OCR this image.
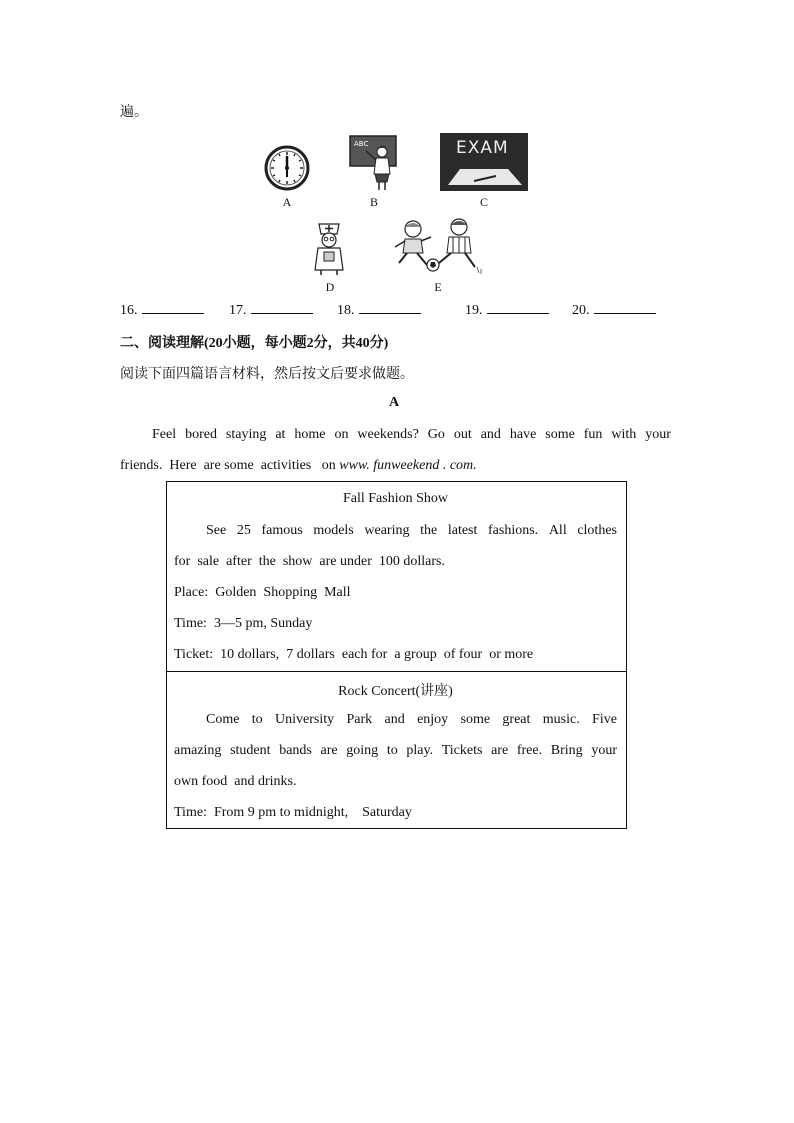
遍。
A
ABC
B
EXAM
C
D	E
16.	17.	18.	19.	20.
二、阅读理解(20小题，每小题2分，共40分)
阅读下面四篇语言材料，然后按文后要求做题。
A
Feel bored staying at home on weekends? Go out and have some fun with your
friends.  Here  are some  activities   on www. funweekend . com.
Fall Fashion Show
See 25 famous models wearing the latest fashions. All clothes
for  sale  after  the  show  are under  100 dollars.
Place:  Golden  Shopping  Mall
Time:  3—5 pm, Sunday
Ticket:  10 dollars,  7 dollars  each for  a group  of four  or more
Rock Concert(讲座)
Come to University Park and enjoy some great music. Five
amazing student bands are going to play. Tickets are free. Bring your
own food  and drinks.
Time:  From 9 pm to midnight,    Saturday
